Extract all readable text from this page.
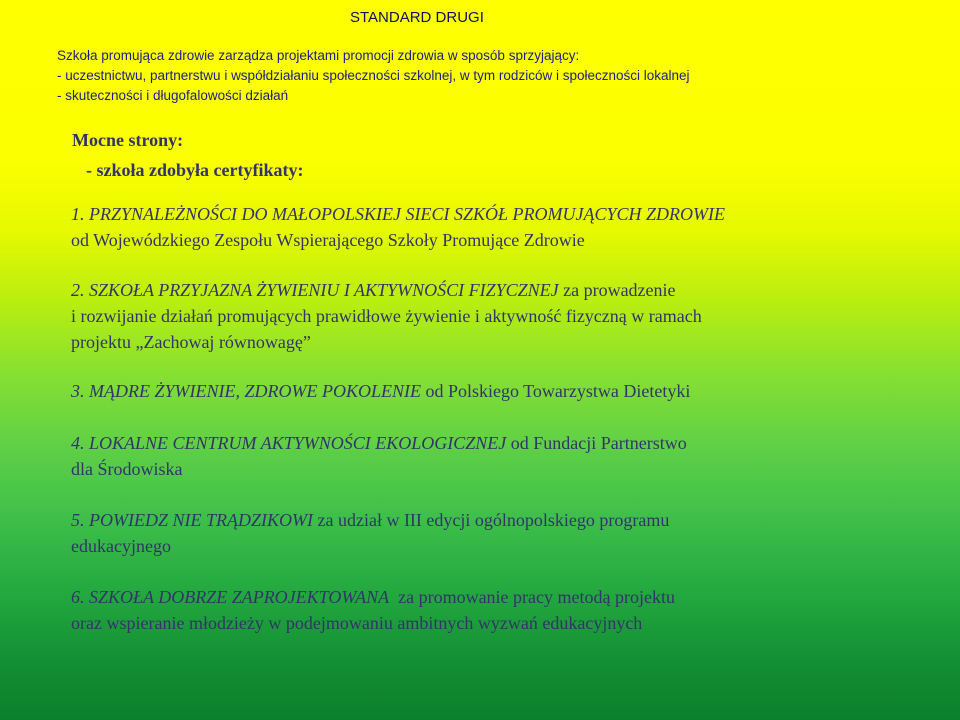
STANDARD DRUGI
Szkoła promująca zdrowie zarządza projektami promocji zdrowia w sposób sprzyjający:
- uczestnictwu, partnerstwu i współdziałaniu społeczności szkolnej, w tym rodziców i społeczności lokalnej
- skuteczności i długofalowości działań
Mocne strony:
- szkoła zdobyła certyfikaty:
1. PRZYNALEŻNOŚCI DO MAŁOPOLSKIEJ SIECI SZKÓŁ PROMUJĄCYCH ZDROWIE
od Wojewódzkiego Zespołu Wspierającego Szkoły Promujące Zdrowie
2. SZKOŁA PRZYJAZNA ŻYWIENIU I AKTYWNOŚCI FIZYCZNEJ za prowadzenie
i rozwijanie działań promujących prawidłowe żywienie i aktywność fizyczną w ramach
projektu „Zachowaj równowagę”
3. MĄDRE ŻYWIENIE, ZDROWE POKOLENIE od Polskiego Towarzystwa Dietetyki
4. LOKALNE CENTRUM AKTYWNOŚCI EKOLOGICZNEJ od Fundacji Partnerstwo
dla Środowiska
5. POWIEDZ NIE TRĄDZIKOWI za udział w III edycji ogólnopolskiego programu
edukacyjnego
6. SZKOŁA DOBRZE ZAPROJEKTOWANA  za promowanie pracy metodą projektu
oraz wspieranie młodzieży w podejmowaniu ambitnych wyzwań edukacyjnych
